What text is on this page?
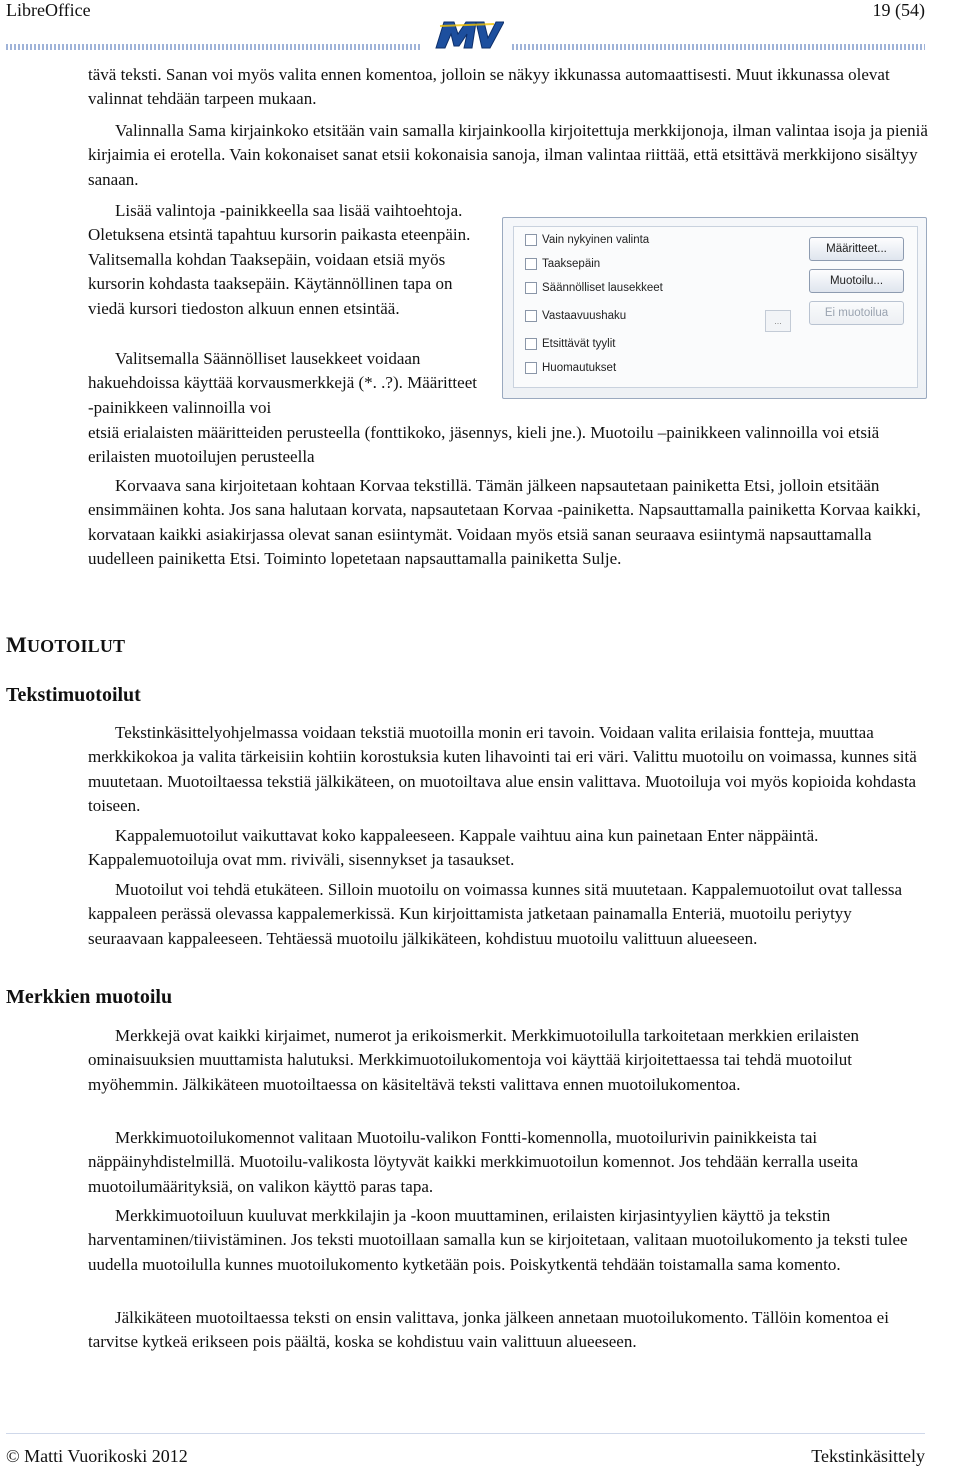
LibreOffice	19 (54)

tävä teksti. Sanan voi myös valita ennen komentoa, jolloin se näkyy ikkunassa automaattisesti. Muut ikkunassa olevat valinnat tehdään tarpeen mukaan.

Valinnalla Sama kirjainkoko etsitään vain samalla kirjainkoolla kirjoitettuja merkkijonoja, ilman valintaa isoja ja pieniä kirjaimia ei erotella. Vain kokonaiset sanat etsii kokonaisia sanoja, ilman valintaa riittää, että etsittävä merkkijono sisältyy sanaan.

Lisää valintoja -painikkeella saa lisää vaihtoehtoja. Oletuksena etsintä tapahtuu kursorin paikasta eteenpäin. Valitsemalla kohdan Taaksepäin, voidaan etsiä myös kursorin kohdasta taaksepäin. Käytännöllinen tapa on viedä kursori tiedoston alkuun ennen etsintää.

Valitsemalla Säännölliset lausekkeet voidaan hakuehdoissa käyttää korvausmerkkejä (*. .?). Määritteet -painikkeen valinnoilla voi

etsiä erialaisten määritteiden perusteella (fonttikoko, jäsennys, kieli jne.). Muotoilu –painikkeen valinnoilla voi etsiä erilaisten muotoilujen perusteella

Korvaava sana kirjoitetaan kohtaan Korvaa tekstillä. Tämän jälkeen napsautetaan painiketta Etsi, jolloin etsitään ensimmäinen kohta. Jos sana halutaan korvata, napsautetaan Korvaa -painiketta. Napsauttamalla painiketta Korvaa kaikki, korvataan kaikki asiakirjassa olevat sanan esiintymät. Voidaan myös etsiä sanan seuraava esiintymä napsauttamalla uudelleen painiketta Etsi. Toiminto lopetetaan napsauttamalla painiketta Sulje.

Vain nykyinen valinta
Taaksepäin
Säännölliset lausekkeet
Vastaavuushaku
Etsittävät tyylit
Huomautukset
Määritteet...
Muotoilu...
Ei muotoilua
...
MUOTOILUT
Tekstimuotoilut

Tekstinkäsittelyohjelmassa voidaan tekstiä muotoilla monin eri tavoin. Voidaan valita erilaisia fontteja, muuttaa merkkikokoa ja valita tärkeisiin kohtiin korostuksia kuten lihavointi tai eri väri. Valittu muotoilu on voimassa, kunnes sitä muutetaan. Muotoiltaessa tekstiä jälkikäteen, on muotoiltava alue ensin valittava. Muotoiluja voi myös kopioida kohdasta toiseen.

Kappalemuotoilut vaikuttavat koko kappaleeseen. Kappale vaihtuu aina kun painetaan Enter näppäintä. Kappalemuotoiluja ovat mm. riviväli, sisennykset ja tasaukset.

Muotoilut voi tehdä etukäteen. Silloin muotoilu on voimassa kunnes sitä muutetaan. Kappalemuotoilut ovat tallessa kappaleen perässä olevassa kappalemerkissä. Kun kirjoittamista jatketaan painamalla Enteriä, muotoilu periytyy seuraavaan kappaleeseen. Tehtäessä muotoilu jälkikäteen, kohdistuu muotoilu valittuun alueeseen.

Merkkien muotoilu

Merkkejä ovat kaikki kirjaimet, numerot ja erikoismerkit. Merkkimuotoilulla tarkoitetaan merkkien erilaisten ominaisuuksien muuttamista halutuksi. Merkkimuotoilukomentoja voi käyttää kirjoitettaessa tai tehdä muotoilut myöhemmin. Jälkikäteen muotoiltaessa on käsiteltävä teksti valittava ennen muotoilukomentoa.

Merkkimuotoilukomennot valitaan Muotoilu-valikon Fontti-komennolla, muotoilurivin painikkeista tai näppäinyhdistelmillä. Muotoilu-valikosta löytyvät kaikki merkkimuotoilun komennot. Jos tehdään kerralla useita muotoilumäärityksiä, on valikon käyttö paras tapa.

Merkkimuotoiluun kuuluvat merkkilajin ja -koon muuttaminen, erilaisten kirjasintyylien käyttö ja tekstin harventaminen/tiivistäminen. Jos teksti muotoillaan samalla kun se kirjoitetaan, valitaan muotoilukomento ja teksti tulee uudella muotoilulla kunnes muotoilukomento kytketään pois. Poiskytkentä tehdään toistamalla sama komento.

Jälkikäteen muotoiltaessa teksti on ensin valittava, jonka jälkeen annetaan muotoilukomento. Tällöin komentoa ei tarvitse kytkeä erikseen pois päältä, koska se kohdistuu vain valittuun alueeseen.

© Matti Vuorikoski 2012	Tekstinkäsittely
